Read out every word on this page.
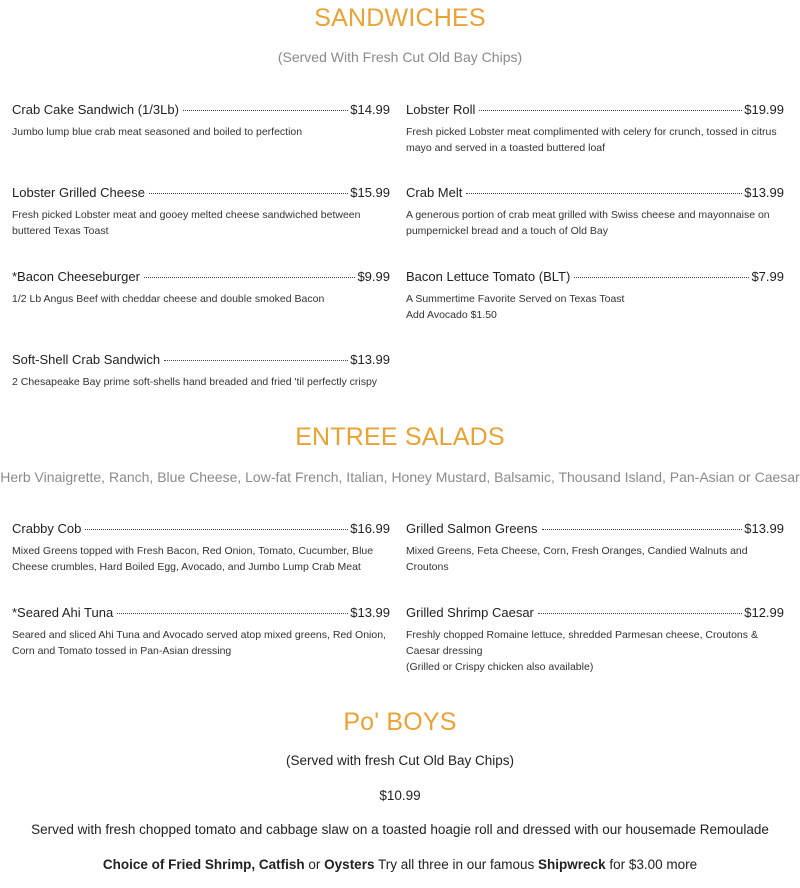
SANDWICHES

(Served With Fresh Cut Old Bay Chips)

Crab Cake Sandwich (1/3Lb)	$14.99
Jumbo lump blue crab meat seasoned and boiled to perfection
Lobster Roll	$19.99
Fresh picked Lobster meat complimented with celery for crunch, tossed in citrus mayo and served in a toasted buttered loaf
Lobster Grilled Cheese	$15.99
Fresh picked Lobster meat and gooey melted cheese sandwiched between buttered Texas Toast
Crab Melt	$13.99
A generous portion of crab meat grilled with Swiss cheese and mayonnaise on pumpernickel bread and a touch of Old Bay
*Bacon Cheeseburger	$9.99
1/2 Lb Angus Beef with cheddar cheese and double smoked Bacon
Bacon Lettuce Tomato (BLT)	$7.99
A Summertime Favorite Served on Texas Toast
Add Avocado $1.50
Soft-Shell Crab Sandwich	$13.99
2 Chesapeake Bay prime soft-shells hand breaded and fried 'til perfectly crispy
ENTREE SALADS

Herb Vinaigrette, Ranch, Blue Cheese, Low-fat French, Italian, Honey Mustard, Balsamic, Thousand Island, Pan-Asian or Caesar

Crabby Cob	$16.99
Mixed Greens topped with Fresh Bacon, Red Onion, Tomato, Cucumber, Blue Cheese crumbles, Hard Boiled Egg, Avocado, and Jumbo Lump Crab Meat
Grilled Salmon Greens	$13.99
Mixed Greens, Feta Cheese, Corn, Fresh Oranges, Candied Walnuts and Croutons
*Seared Ahi Tuna	$13.99
Seared and sliced Ahi Tuna and Avocado served atop mixed greens, Red Onion, Corn and Tomato tossed in Pan-Asian dressing
Grilled Shrimp Caesar	$12.99
Freshly chopped Romaine lettuce, shredded Parmesan cheese, Croutons & Caesar dressing
(Grilled or Crispy chicken also available)
Po' BOYS

(Served with fresh Cut Old Bay Chips)

$10.99

Served with fresh chopped tomato and cabbage slaw on a toasted hoagie roll and dressed with our housemade Remoulade

Choice of Fried Shrimp, Catfish or Oysters Try all three in our famous Shipwreck for $3.00 more
